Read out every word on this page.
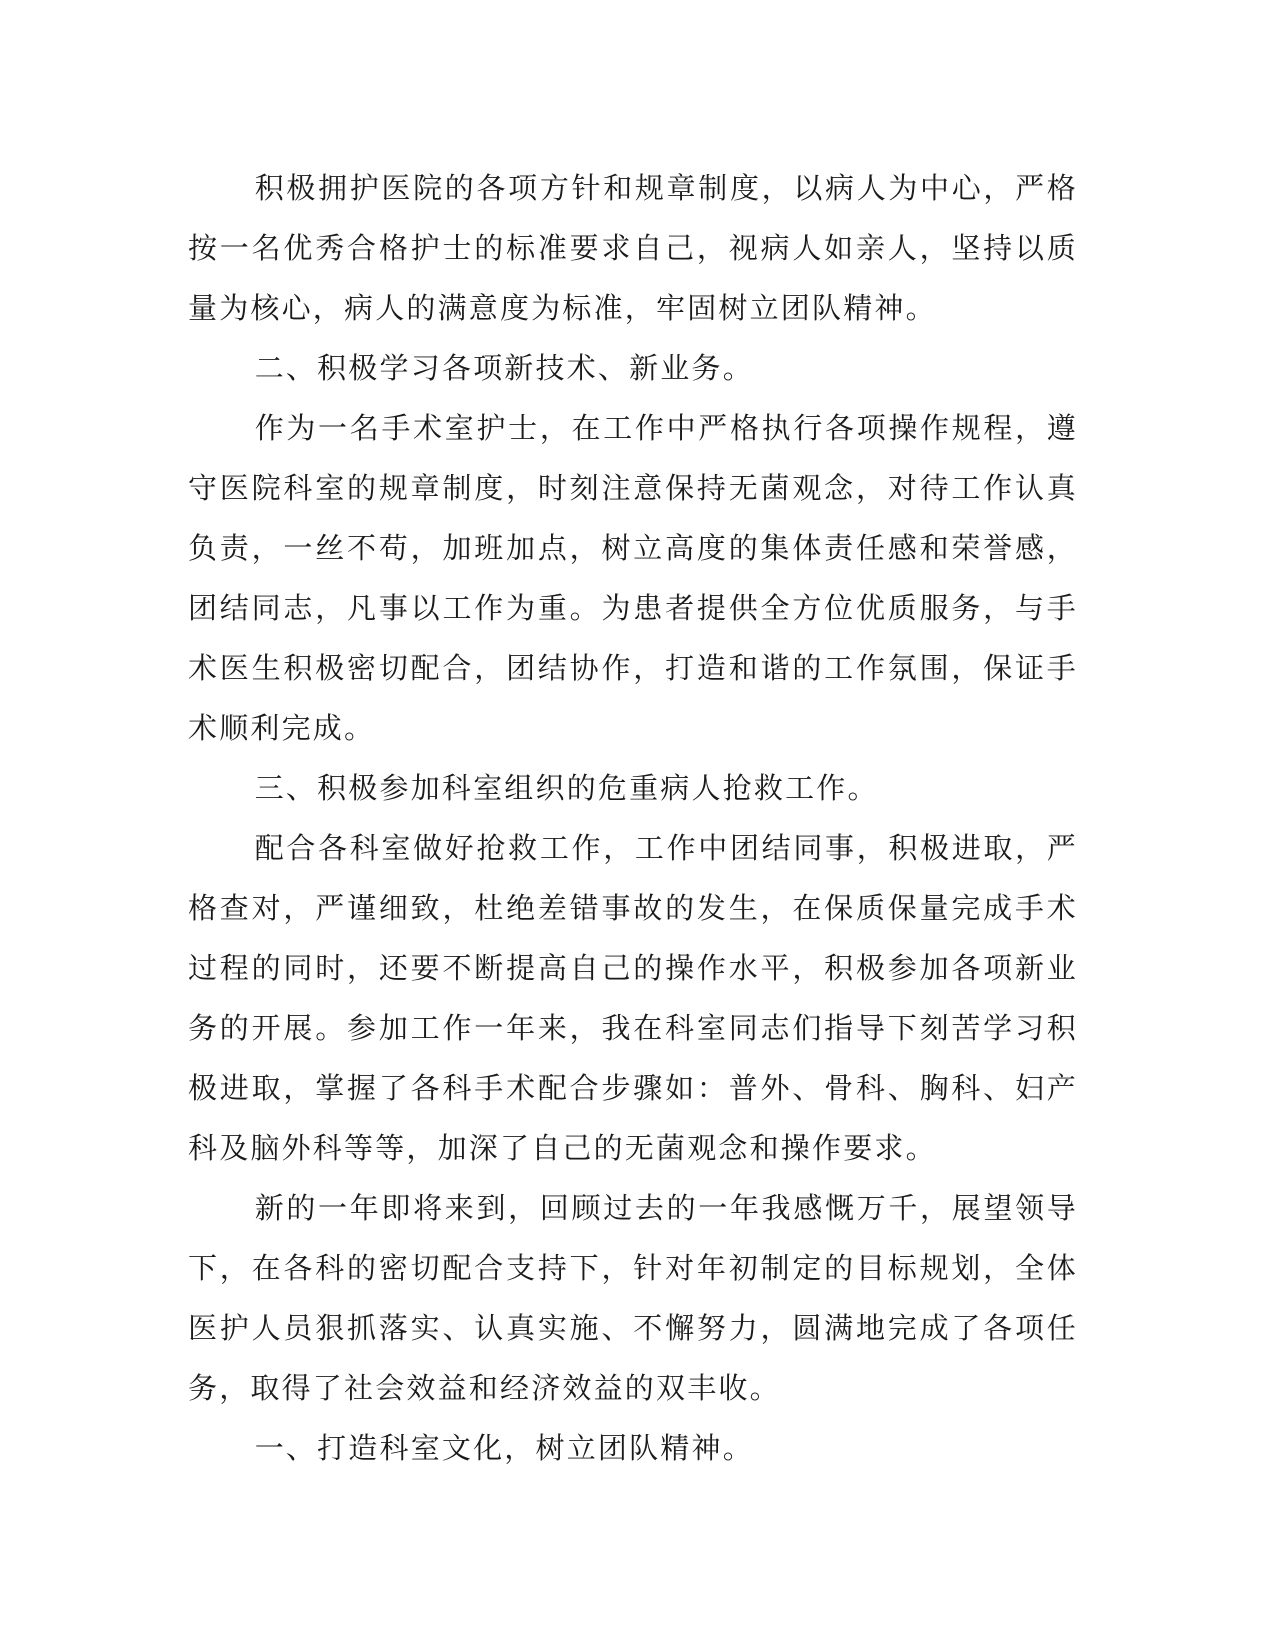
积极拥护医院的各项方针和规章制度，以病人为中心，严格按一名优秀合格护士的标准要求自己，视病人如亲人，坚持以质量为核心，病人的满意度为标准，牢固树立团队精神。

二、积极学习各项新技术、新业务。

作为一名手术室护士，在工作中严格执行各项操作规程，遵守医院科室的规章制度，时刻注意保持无菌观念，对待工作认真负责，一丝不苟，加班加点，树立高度的集体责任感和荣誉感，团结同志，凡事以工作为重。为患者提供全方位优质服务，与手术医生积极密切配合，团结协作，打造和谐的工作氛围，保证手术顺利完成。

三、积极参加科室组织的危重病人抢救工作。

配合各科室做好抢救工作，工作中团结同事，积极进取，严格查对，严谨细致，杜绝差错事故的发生，在保质保量完成手术过程的同时，还要不断提高自己的操作水平，积极参加各项新业务的开展。参加工作一年来，我在科室同志们指导下刻苦学习积极进取，掌握了各科手术配合步骤如：普外、骨科、胸科、妇产科及脑外科等等，加深了自己的无菌观念和操作要求。

新的一年即将来到，回顾过去的一年我感慨万千，展望领导下，在各科的密切配合支持下，针对年初制定的目标规划，全体医护人员狠抓落实、认真实施、不懈努力，圆满地完成了各项任务，取得了社会效益和经济效益的双丰收。

一、打造科室文化，树立团队精神。
